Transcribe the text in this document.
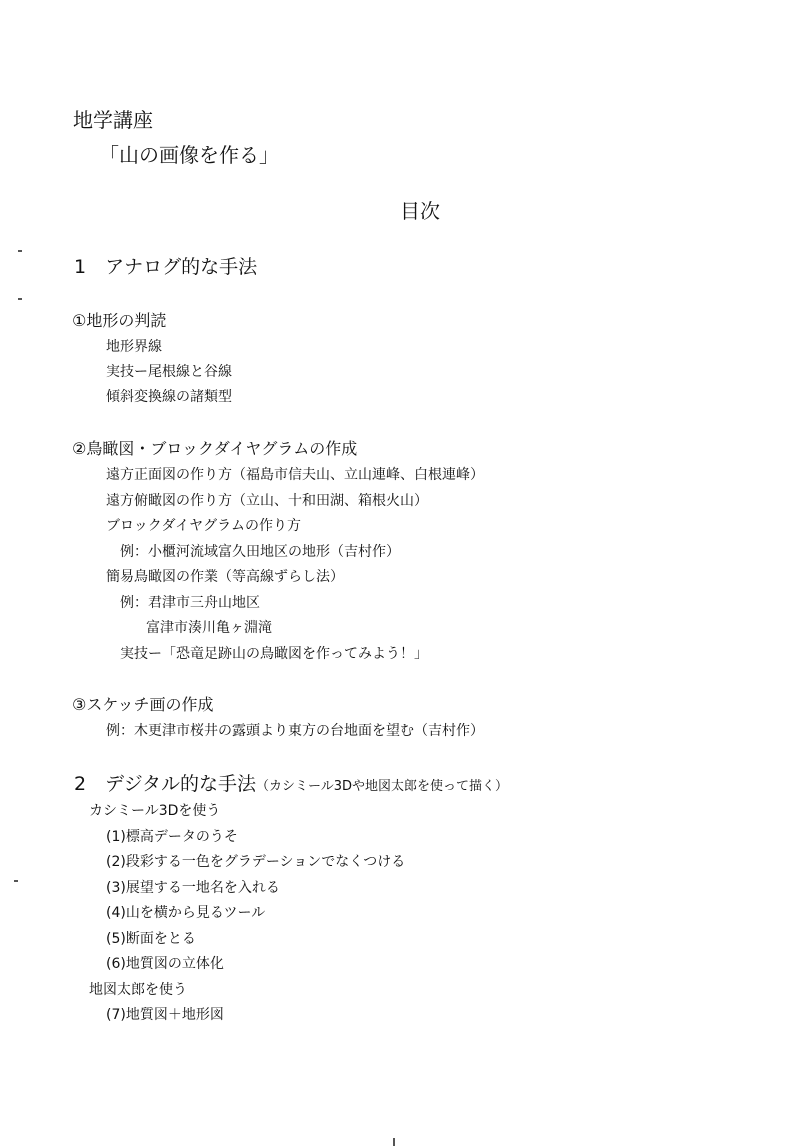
地学講座
「山の画像を作る」
目次
1　アナログ的な手法
①地形の判読
地形界線
実技ー尾根線と谷線
傾斜変換線の諸類型
②鳥瞰図・ブロックダイヤグラムの作成
遠方正面図の作り方（福島市信夫山、立山連峰、白根連峰）
遠方俯瞰図の作り方（立山、十和田湖、箱根火山）
ブロックダイヤグラムの作り方
例：小櫃河流域富久田地区の地形（吉村作）
簡易鳥瞰図の作業（等高線ずらし法）
例：君津市三舟山地区
富津市湊川亀ヶ淵滝
実技ー「恐竜足跡山の鳥瞰図を作ってみよう！」
③スケッチ画の作成
例：木更津市桜井の露頭より東方の台地面を望む（吉村作）
2　デジタル的な手法（カシミール3Dや地図太郎を使って描く）
カシミール3Dを使う
(1)標高データのうそ
(2)段彩する一色をグラデーションでなくつける
(3)展望する一地名を入れる
(4)山を横から見るツール
(5)断面をとる
(6)地質図の立体化
地図太郎を使う
(7)地質図＋地形図
